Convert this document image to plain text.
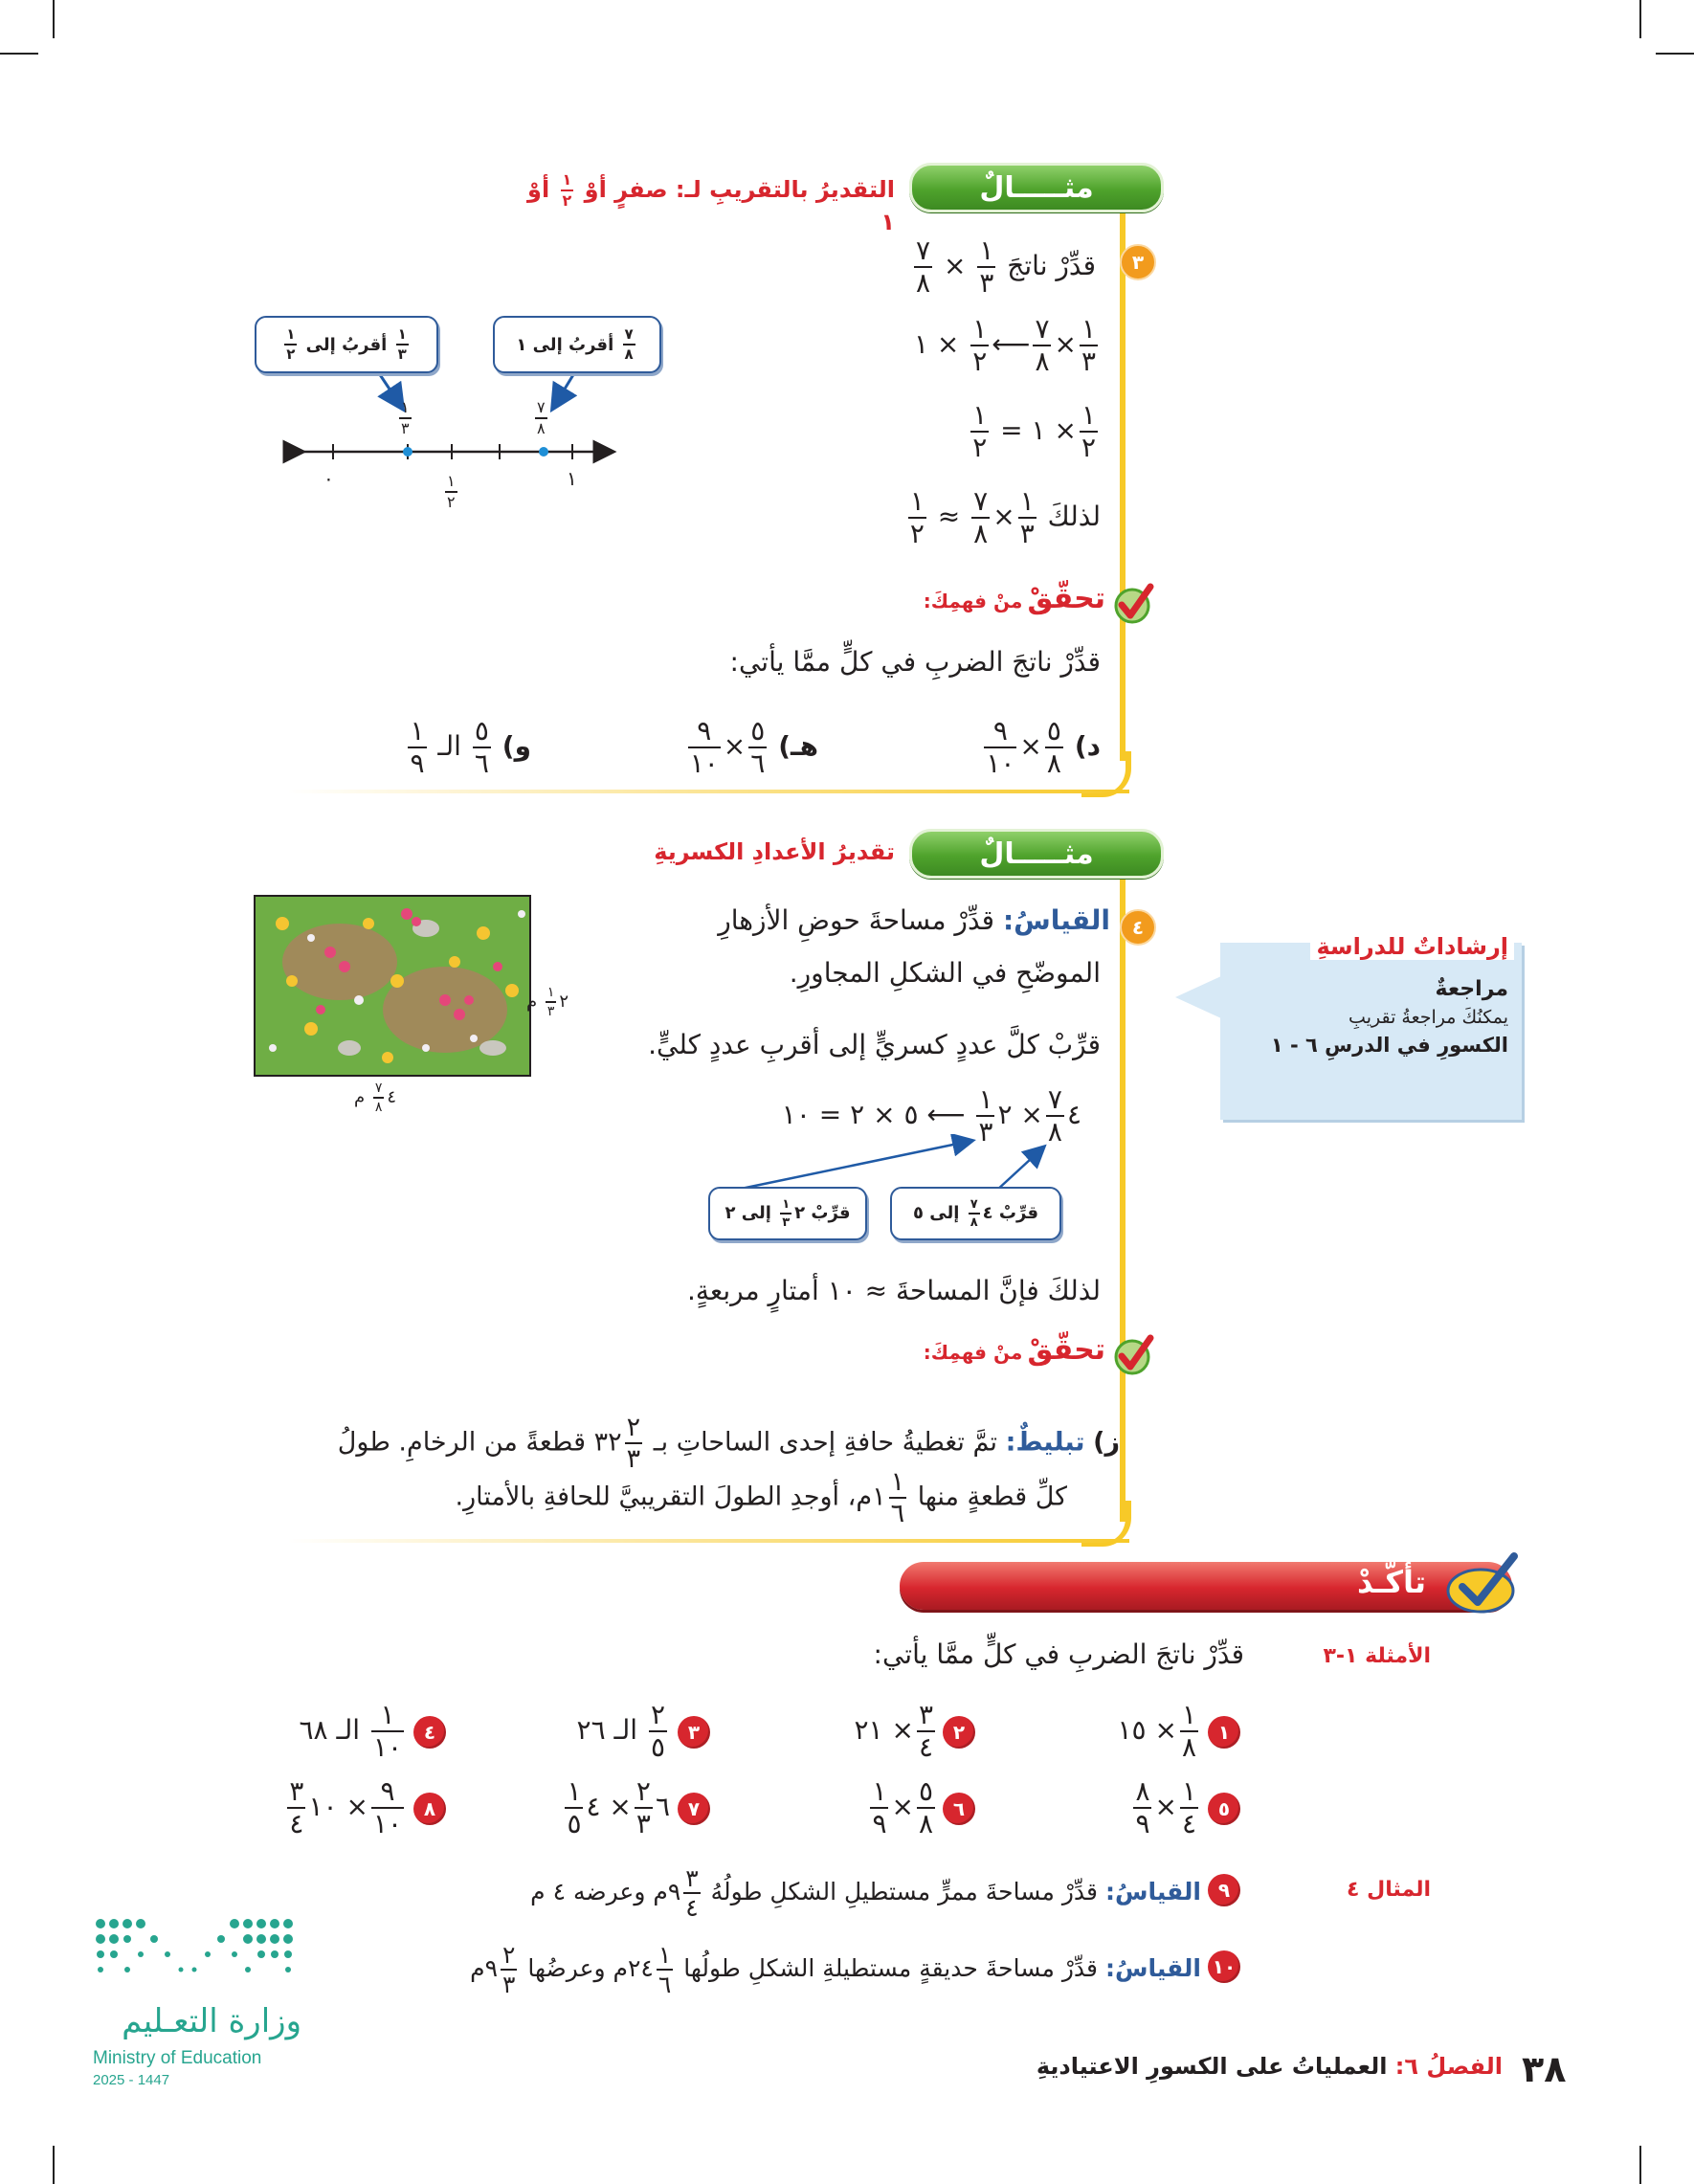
مثـــــالٌ
التقديرُ بالتقريبِ لـ: صفرٍ أوْ
١
٢
أوْ ١
٣
قدِّرْ ناتجَ
١
٣
×
٧
٨
١
٣
×
٧
٨
⟵
١
٢
× ١
١
٢
× ١ =
١
٢
لذلكَ
١
٣
×
٧
٨
≈
١
٢
٠	١
٢
١
١
٣
٧
٨
١
٣

أقربُ إلى

١
٢
٧
٨

أقربُ إلى ١
تحقّقْ منْ فهمِكَ:
قدِّرْ ناتجَ الضربِ في كلٍّ ممَّا يأتي:
د)
٥
٨
×
٩
١٠
هـ)
٥
٦
×
٩
١٠
و)
٥
٦
الـ
١
٩
مثـــــالٌ
تقديرُ الأعدادِ الكسريةِ
٢
١
٣
م
٤
٧
٨
م
٤
القياسُ: قدِّرْ مساحةَ حوضِ الأزهارِ
الموضّحِ في الشكلِ المجاورِ.
قرِّبْ كلَّ عددٍ كسريٍّ إلى أقربِ عددٍ كليٍّ.
٤
٧
٨
× ٢
١
٣
⟵ ٥ × ٢ = ١٠
قرِّبْ ٢
١
٣
إلى ٢	قرِّبْ ٤
٧
٨
إلى ٥
لذلكَ فإنَّ المساحةَ ≈ ١٠ أمتارٍ مربعةٍ.
تحقّقْ منْ فهمِكَ:
ز) تبليطٌ: تمَّ تغطيةُ حافةِ إحدى الساحاتِ بـ
٢
٣
٣٢ قطعةً من الرخامِ. طولُ
كلِّ قطعةٍ منها
١
٦
١م، أوجدِ الطولَ التقريبيَّ للحافةِ بالأمتارِ.
إرشاداتٌ للدراسةِ
مراجعةٌ
يمكنُكَ مراجعةُ تقريبِ
الكسورِ في الدرسِ ٦ - ١
تأكَّـدْ
الأمثلة ١-٣
قدِّرْ ناتجَ الضربِ في كلٍّ ممَّا يأتي:
١
١
٨
× ١٥
٢
٣
٤
× ٢١
٣
٢
٥
الـ ٢٦
٤
١
١٠
الـ ٦٨
٥
١
٤
×
٨
٩
٦
٥
٨
×
١
٩
٧
٦
٢
٣
× ٤
١
٥
٨
٩
١٠
× ١٠
٣
٤
المثال ٤
٩
القياسُ: قدِّرْ مساحةَ ممرٍّ مستطيلِ الشكلِ طولُهُ
٣
٤
٩م وعرضه ٤ م
١٠
القياسُ: قدِّرْ مساحةَ حديقةٍ مستطيلةِ الشكلِ طولُها
١
٦
٢٤م وعرضُها
٢
٣
٩م
٣٨
الفصلُ ٦: العملياتُ على الكسورِ الاعتياديةِ
وزارة التعـليم
Ministry of Education
2025 - 1447
